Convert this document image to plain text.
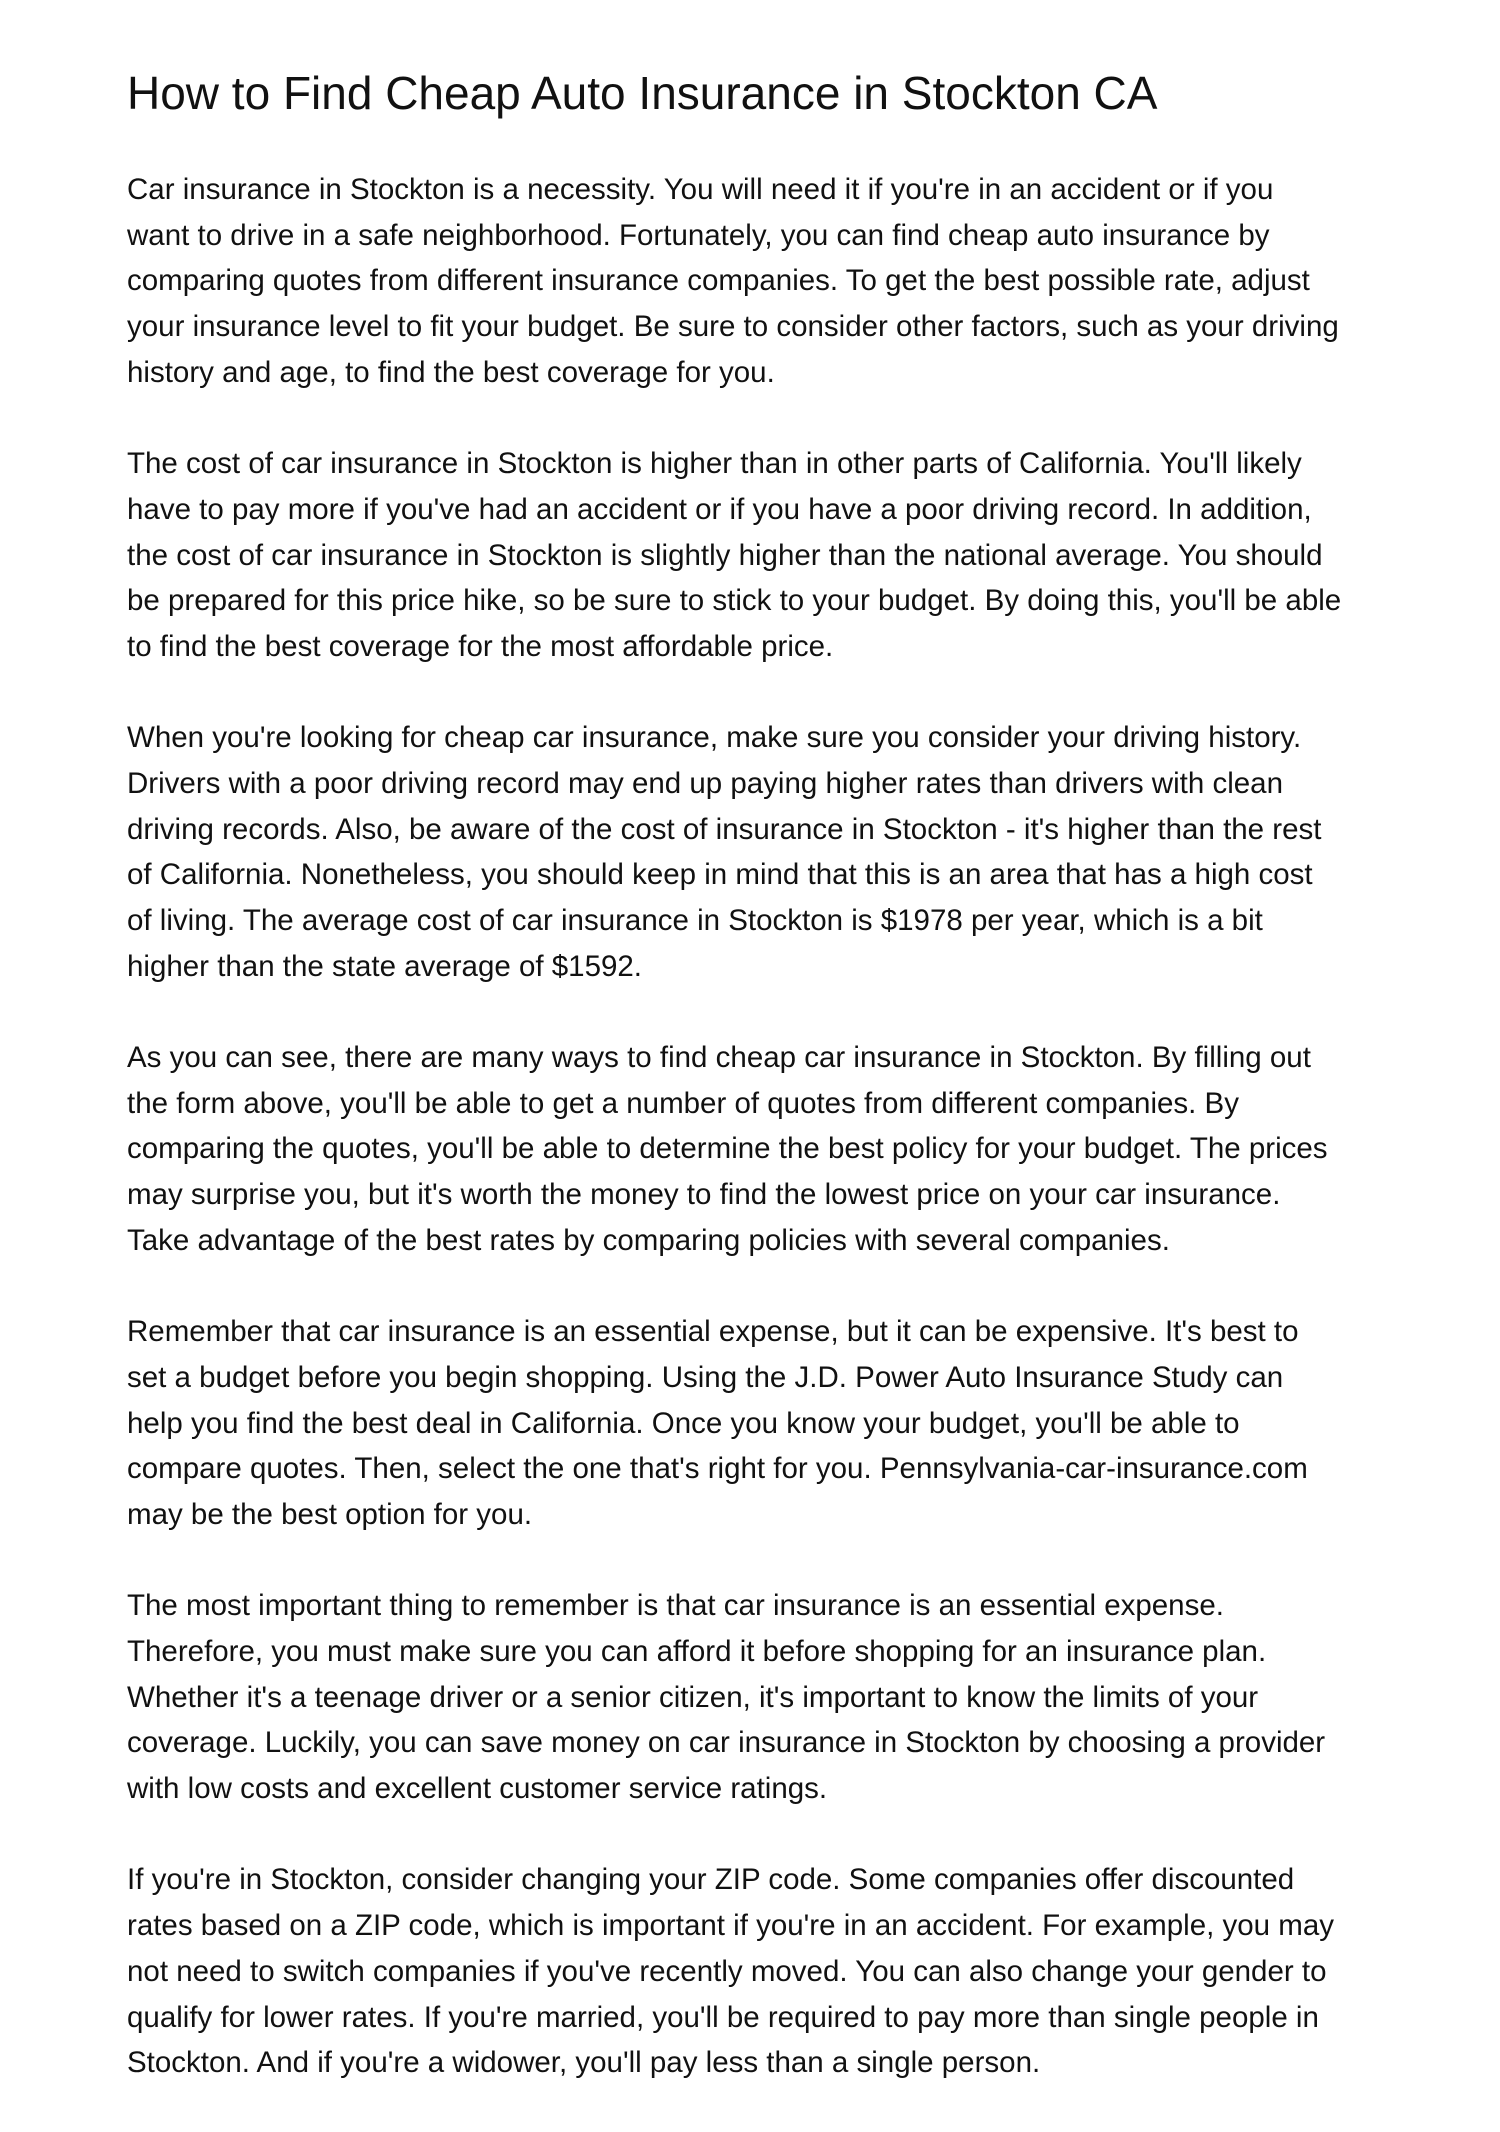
How to Find Cheap Auto Insurance in Stockton CA

Car insurance in Stockton is a necessity. You will need it if you're in an accident or if you
want to drive in a safe neighborhood. Fortunately, you can find cheap auto insurance by
comparing quotes from different insurance companies. To get the best possible rate, adjust
your insurance level to fit your budget. Be sure to consider other factors, such as your driving
history and age, to find the best coverage for you.

The cost of car insurance in Stockton is higher than in other parts of California. You'll likely
have to pay more if you've had an accident or if you have a poor driving record. In addition,
the cost of car insurance in Stockton is slightly higher than the national average. You should
be prepared for this price hike, so be sure to stick to your budget. By doing this, you'll be able
to find the best coverage for the most affordable price.

When you're looking for cheap car insurance, make sure you consider your driving history.
Drivers with a poor driving record may end up paying higher rates than drivers with clean
driving records. Also, be aware of the cost of insurance in Stockton - it's higher than the rest
of California. Nonetheless, you should keep in mind that this is an area that has a high cost
of living. The average cost of car insurance in Stockton is $1978 per year, which is a bit
higher than the state average of $1592.

As you can see, there are many ways to find cheap car insurance in Stockton. By filling out
the form above, you'll be able to get a number of quotes from different companies. By
comparing the quotes, you'll be able to determine the best policy for your budget. The prices
may surprise you, but it's worth the money to find the lowest price on your car insurance.
Take advantage of the best rates by comparing policies with several companies.

Remember that car insurance is an essential expense, but it can be expensive. It's best to
set a budget before you begin shopping. Using the J.D. Power Auto Insurance Study can
help you find the best deal in California. Once you know your budget, you'll be able to
compare quotes. Then, select the one that's right for you. Pennsylvania-car-insurance.com
may be the best option for you.

The most important thing to remember is that car insurance is an essential expense.
Therefore, you must make sure you can afford it before shopping for an insurance plan.
Whether it's a teenage driver or a senior citizen, it's important to know the limits of your
coverage. Luckily, you can save money on car insurance in Stockton by choosing a provider
with low costs and excellent customer service ratings.

If you're in Stockton, consider changing your ZIP code. Some companies offer discounted
rates based on a ZIP code, which is important if you're in an accident. For example, you may
not need to switch companies if you've recently moved. You can also change your gender to
qualify for lower rates. If you're married, you'll be required to pay more than single people in
Stockton. And if you're a widower, you'll pay less than a single person.
